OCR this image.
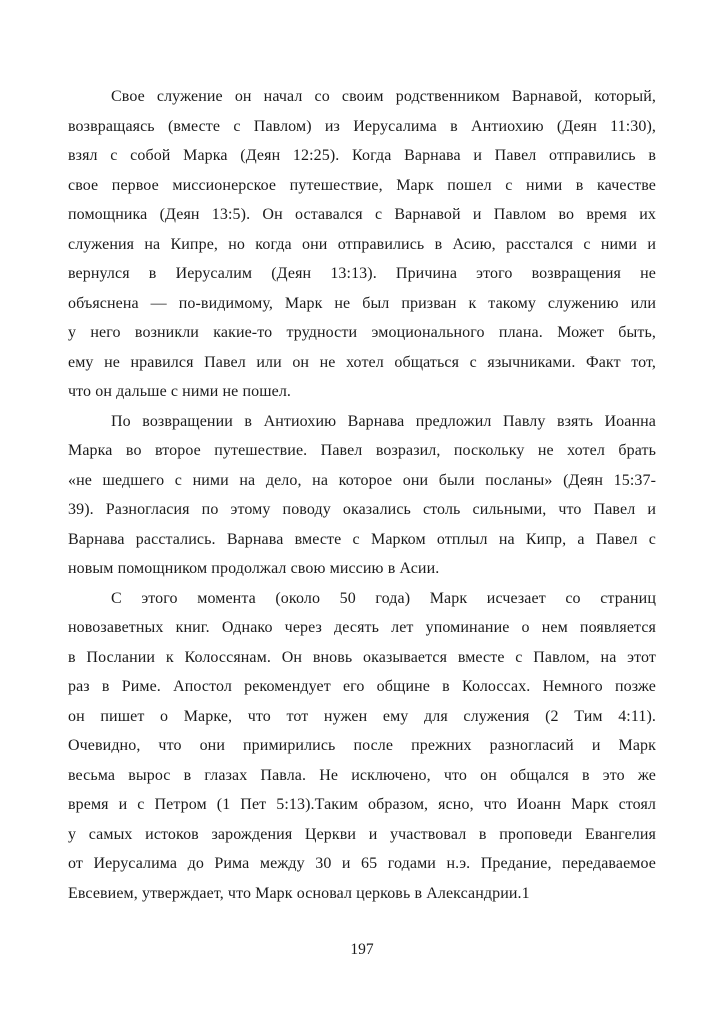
Свое служение он начал со своим родственником Варнавой, который,
возвращаясь (вместе с Павлом) из Иерусалима в Антиохию (Деян 11:30),
взял с собой Марка (Деян 12:25). Когда Варнава и Павел отправились в
свое первое миссионерское путешествие, Марк пошел с ними в качестве
помощника (Деян 13:5). Он оставался с Варнавой и Павлом во время их
служения на Кипре, но когда они отправились в Асию, расстался с ними и
вернулся в Иерусалим (Деян 13:13). Причина этого возвращения не
объяснена — по-видимому, Марк не был призван к такому служению или
у него возникли какие-то трудности эмоционального плана. Может быть,
ему не нравился Павел или он не хотел общаться с язычниками. Факт тот,
что он дальше с ними не пошел.
По возвращении в Антиохию Варнава предложил Павлу взять Иоанна
Марка во второе путешествие. Павел возразил, поскольку не хотел брать
«не шедшего с ними на дело, на которое они были посланы» (Деян 15:37-
39). Разногласия по этому поводу оказались столь сильными, что Павел и
Варнава расстались. Варнава вместе с Марком отплыл на Кипр, а Павел с
новым помощником продолжал свою миссию в Асии.
С этого момента (около 50 года) Марк исчезает со страниц
новозаветных книг. Однако через десять лет упоминание о нем появляется
в Послании к Колоссянам. Он вновь оказывается вместе с Павлом, на этот
раз в Риме. Апостол рекомендует его общине в Колоссах. Немного позже
он пишет о Марке, что тот нужен ему для служения (2 Тим 4:11).
Очевидно, что они примирились после прежних разногласий и Марк
весьма вырос в глазах Павла. Не исключено, что он общался в это же
время и с Петром (1 Пет 5:13).Таким образом, ясно, что Иоанн Марк стоял
у самых истоков зарождения Церкви и участвовал в проповеди Евангелия
от Иерусалима до Рима между 30 и 65 годами н.э. Предание, передаваемое
Евсевием, утверждает, что Марк основал церковь в Александрии.1
197
